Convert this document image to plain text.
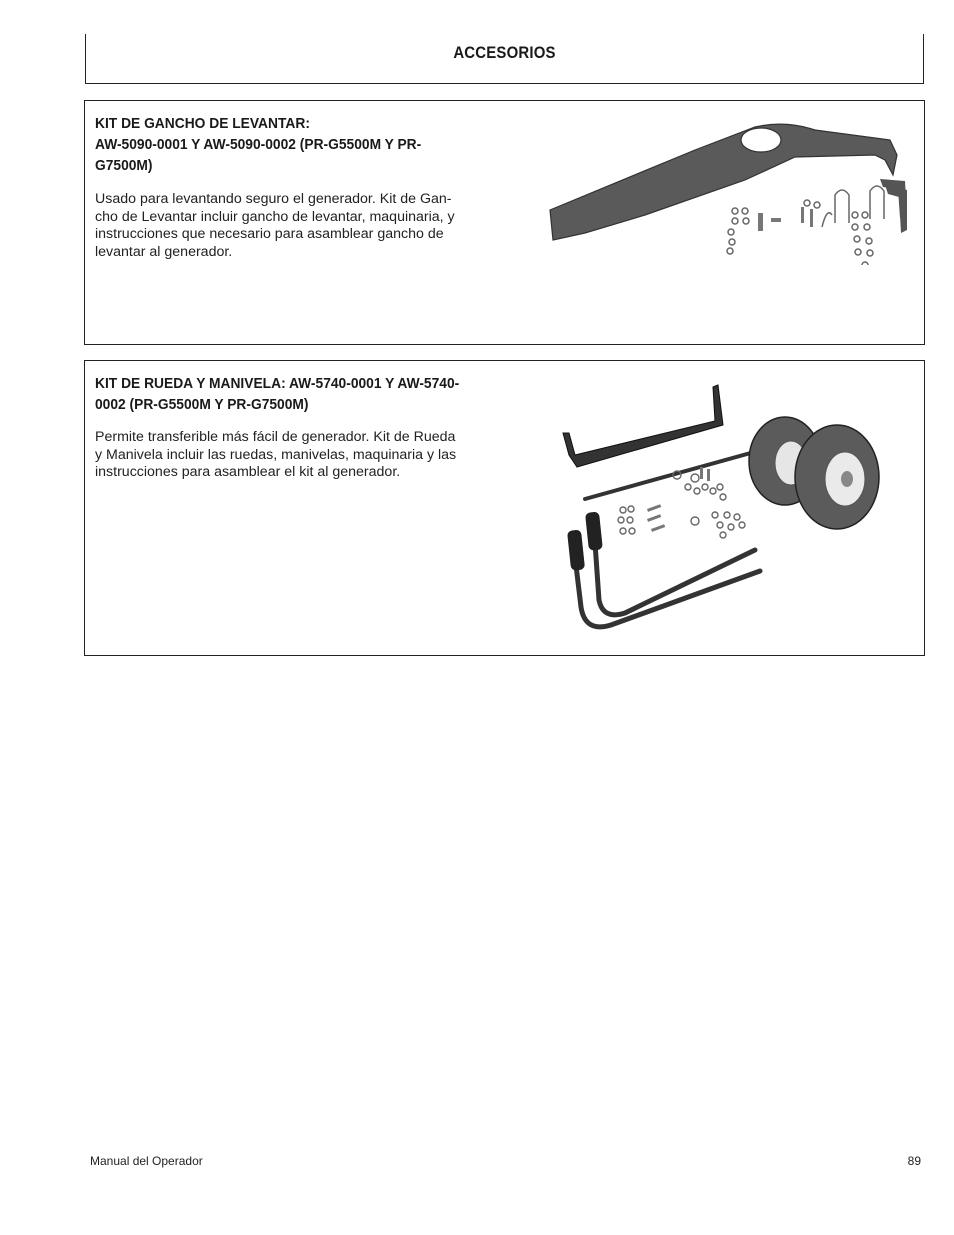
ACCESORIOS
KIT DE GANCHO DE LEVANTAR:
AW-5090-0001 Y AW-5090-0002 (PR-G5500M Y PR-
G7500M)
Usado para levantando seguro el generador. Kit de Gan-
cho de Levantar incluir gancho de levantar, maquinaria, y
instrucciones que necesario para asamblear gancho de
levantar al generador.
KIT DE RUEDA Y MANIVELA: AW-5740-0001 Y AW-5740-
0002 (PR-G5500M Y PR-G7500M)
Permite transferible más fácil de generador. Kit de Rueda
y Manivela incluir las ruedas, manivelas, maquinaria y las
instrucciones para asamblear el kit al generador.
Manual del Operador	89
